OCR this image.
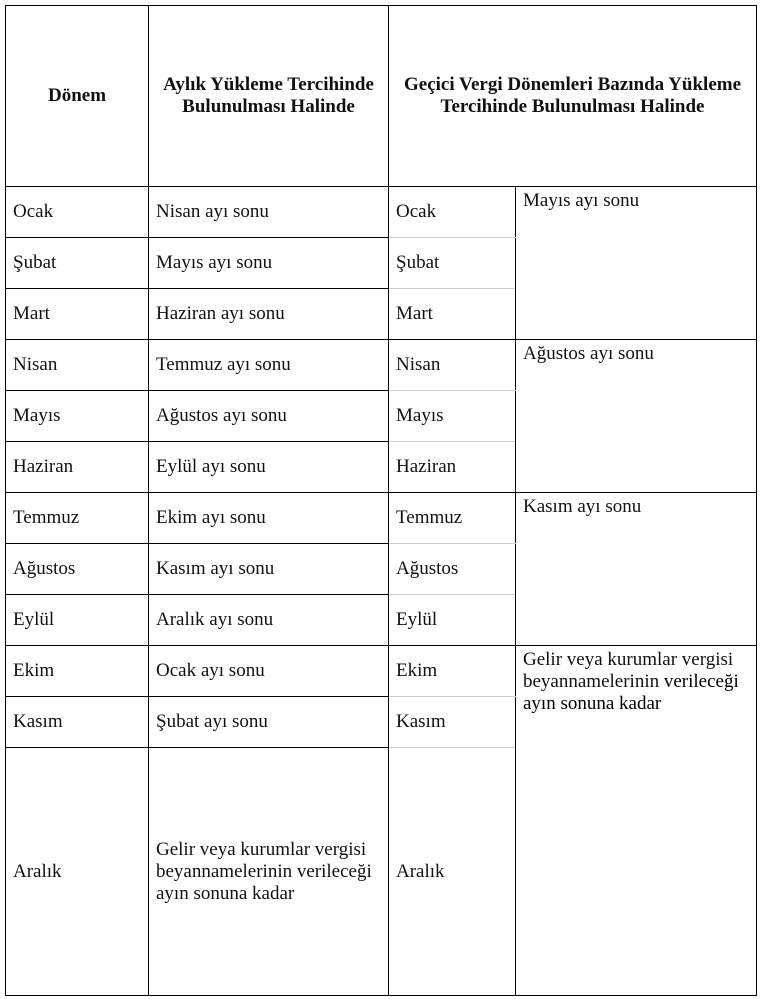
Dönem	Aylık Yükleme Tercihinde Bulunulması Halinde	Geçici Vergi Dönemleri Bazında Yükleme Tercihinde Bulunulması Halinde	
Ocak	Nisan ayı sonu	Ocak	Mayıs ayı sonu
Şubat	Mayıs ayı sonu	Şubat	
Mart	Haziran ayı sonu	Mart	
Nisan	Temmuz ayı sonu	Nisan	Ağustos ayı sonu
Mayıs	Ağustos ayı sonu	Mayıs	
Haziran	Eylül ayı sonu	Haziran	
Temmuz	Ekim ayı sonu	Temmuz	Kasım ayı sonu
Ağustos	Kasım ayı sonu	Ağustos	
Eylül	Aralık ayı sonu	Eylül	
Ekim	Ocak ayı sonu	Ekim	Gelir veya kurumlar vergisi beyannamelerinin verileceği ayın sonuna kadar
Kasım	Şubat ayı sonu	Kasım	
Aralık	Gelir veya kurumlar vergisi beyannamelerinin verileceği ayın sonuna kadar	Aralık	
